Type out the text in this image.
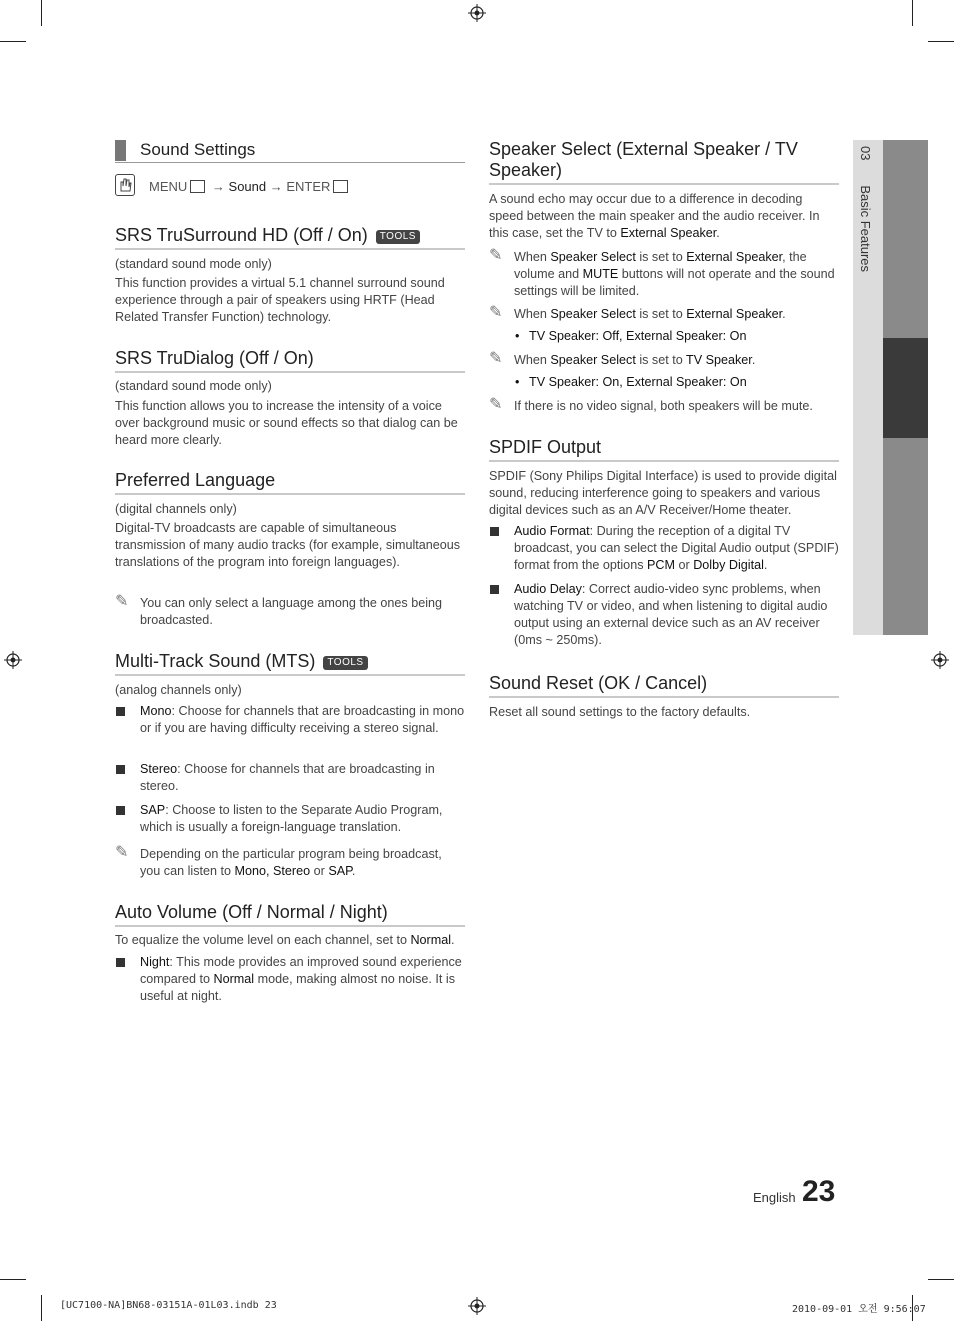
03   Basic Features
Sound Settings
MENU → Sound → ENTER
SRS TruSurround HD (Off / On) TOOLS

(standard sound mode only)

This function provides a virtual 5.1 channel surround sound experience through a pair of speakers using HRTF (Head Related Transfer Function) technology.

SRS TruDialog (Off / On)

(standard sound mode only)

This function allows you to increase the intensity of a voice over background music or sound effects so that dialog can be heard more clearly.

Preferred Language

(digital channels only)

Digital-TV broadcasts are capable of simultaneous transmission of many audio tracks (for example, simultaneous translations of the program into foreign languages).

✎ You can only select a language among the ones being broadcasted.
Multi-Track Sound (MTS) TOOLS

(analog channels only)

Mono: Choose for channels that are broadcasting in mono or if you are having difficulty receiving a stereo signal.
Stereo: Choose for channels that are broadcasting in stereo.
SAP: Choose to listen to the Separate Audio Program, which is usually a foreign-language translation.
✎ Depending on the particular program being broadcast, you can listen to Mono, Stereo or SAP.
Auto Volume (Off / Normal / Night)

To equalize the volume level on each channel, set to Normal.

Night: This mode provides an improved sound experience compared to Normal mode, making almost no noise. It is useful at night.
Speaker Select (External Speaker / TV
Speaker)

A sound echo may occur due to a difference in decoding speed between the main speaker and the audio receiver. In this case, set the TV to External Speaker.

✎ When Speaker Select is set to External Speaker, the volume and MUTE buttons will not operate and the sound settings will be limited.
✎ When Speaker Select is set to External Speaker.
• TV Speaker: Off, External Speaker: On
✎ When Speaker Select is set to TV Speaker.
• TV Speaker: On, External Speaker: On
✎ If there is no video signal, both speakers will be mute.
SPDIF Output

SPDIF (Sony Philips Digital Interface) is used to provide digital sound, reducing interference going to speakers and various digital devices such as an A/V Receiver/Home theater.

Audio Format: During the reception of a digital TV broadcast, you can select the Digital Audio output (SPDIF) format from the options PCM or Dolby Digital.
Audio Delay: Correct audio-video sync problems, when watching TV or video, and when listening to digital audio output using an external device such as an AV receiver (0ms ~ 250ms).
Sound Reset (OK / Cancel)

Reset all sound settings to the factory defaults.

English 23
[UC7100-NA]BN68-03151A-01L03.indb 23	2010-09-01 오전 9:56:07
